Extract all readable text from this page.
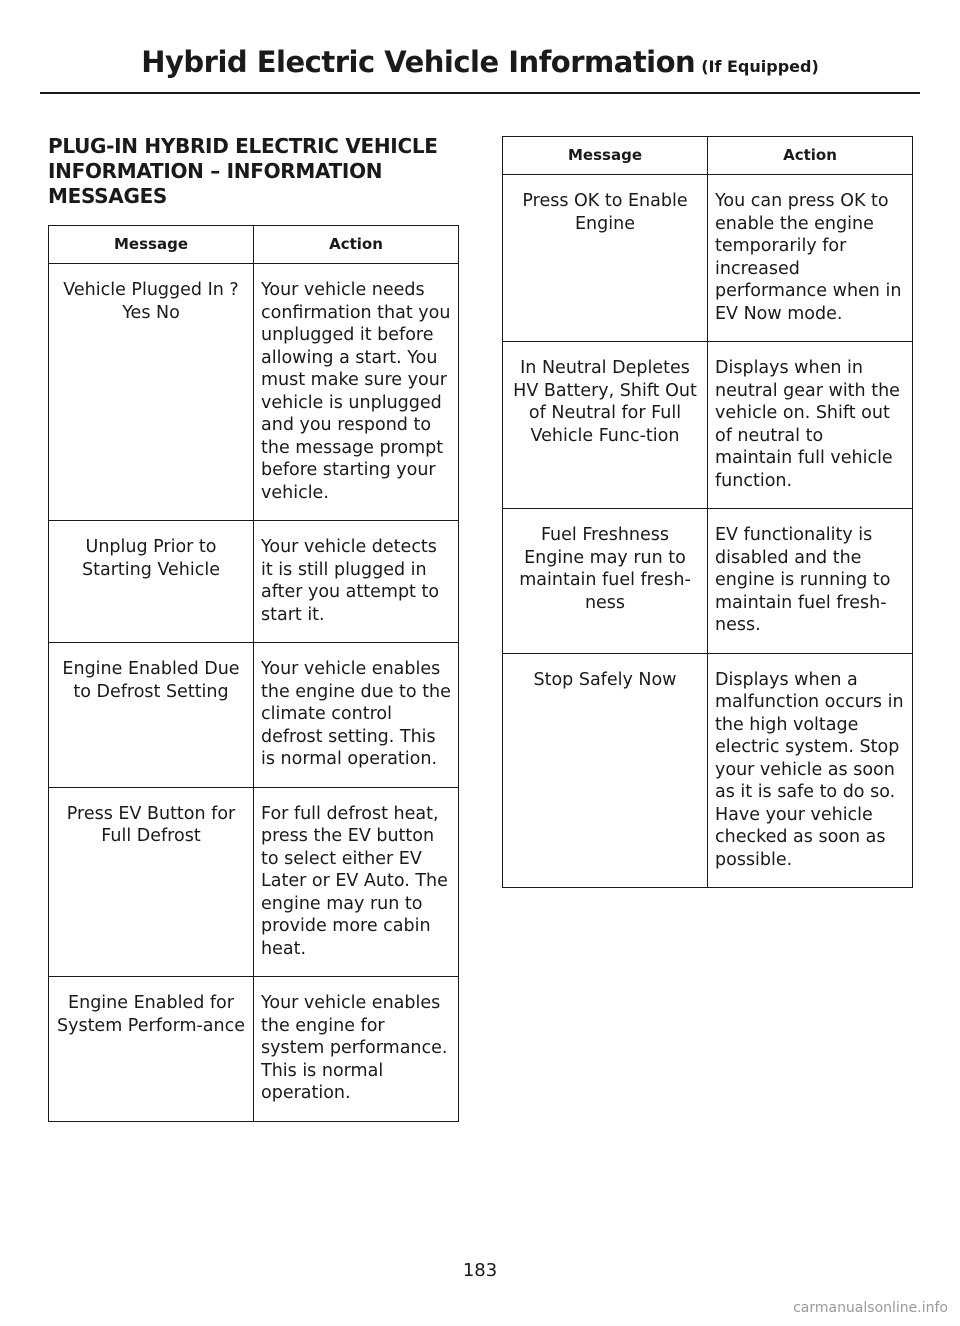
Hybrid Electric Vehicle Information (If Equipped)
PLUG-IN HYBRID ELECTRIC VEHICLE INFORMATION – INFORMATION MESSAGES
Message	Action
Vehicle Plugged In ? Yes No	Your vehicle needs confirmation that you unplugged it before allowing a start. You must make sure your vehicle is unplugged and you respond to the message prompt before starting your vehicle.
Unplug Prior to Starting Vehicle	Your vehicle detects it is still plugged in after you attempt to start it.
Engine Enabled Due to Defrost Setting	Your vehicle enables the engine due to the climate control defrost setting. This is normal operation.
Press EV Button for Full Defrost	For full defrost heat, press the EV button to select either EV Later or EV Auto. The engine may run to provide more cabin heat.
Engine Enabled for System Perform-ance	Your vehicle enables the engine for system performance. This is normal operation.
Message	Action
Press OK to Enable Engine	You can press OK to enable the engine temporarily for increased performance when in EV Now mode.
In Neutral Depletes HV Battery, Shift Out of Neutral for Full Vehicle Func-tion	Displays when in neutral gear with the vehicle on. Shift out of neutral to maintain full vehicle function.
Fuel Freshness Engine may run to maintain fuel fresh-ness	EV functionality is disabled and the engine is running to maintain fuel fresh-ness.
Stop Safely Now	Displays when a malfunction occurs in the high voltage electric system. Stop your vehicle as soon as it is safe to do so. Have your vehicle checked as soon as possible.
183
carmanualsonline.info
